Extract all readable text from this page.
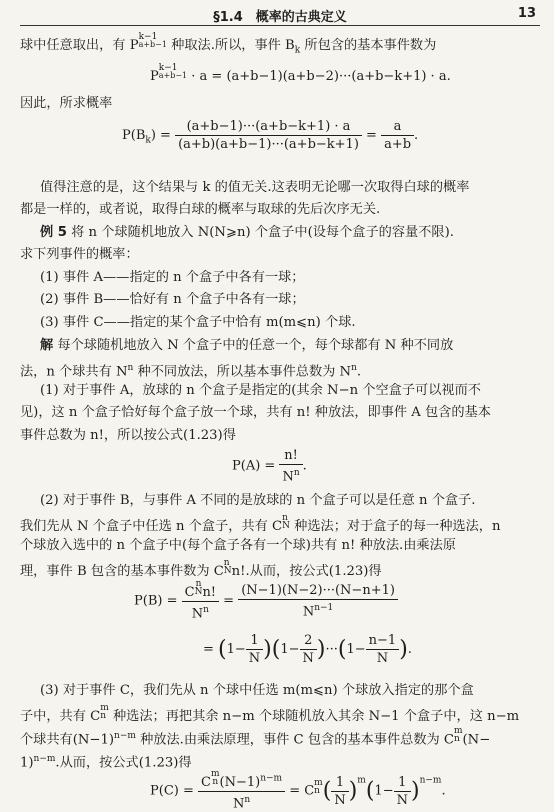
§1.4　概率的古典定义	13
球中任意取出，有 P
k−1
a+b−1 种取法.所以，事件 $B_k$ 所包含的基本事件数为
P
k−1
a+b−1 · a = (a+b−1)(a+b−2)···(a+b−k+1) · a.
因此，所求概率
$P(B_k) = \frac{(a+b-1)\cdot\cdot\cdot(a+b-k+1) \cdot a}{(a+b)(a+b-1)\cdot\cdot\cdot(a+b-k+1)} = \frac{a}{a+b}$ .
值得注意的是，这个结果与 k 的值无关.这表明无论哪一次取得白球的概率
都是一样的，或者说，取得白球的概率与取球的先后次序无关.
例 5 将 n 个球随机地放入 N(N⩾n) 个盒子中(设每个盒子的容量不限).
求下列事件的概率：
(1) 事件 A——指定的 n 个盒子中各有一球；
(2) 事件 B——恰好有 n 个盒子中各有一球；
(3) 事件 C——指定的某个盒子中恰有 m(m⩽n) 个球.
解 每个球随机地放入 N 个盒子中的任意一个，每个球都有 N 种不同放
法，n 个球共有 $N^n$ 种不同放法，所以基本事件总数为 $N^n$.
(1) 对于事件 A，放球的 n 个盒子是指定的(其余 N−n 个空盒子可以视而不
见)，这 n 个盒子恰好每个盒子放一个球，共有 n! 种放法，即事件 A 包含的基本
事件总数为 n!，所以按公式(1.23)得
$P(A) = \frac{n!}{N^n}$ .
(2) 对于事件 B，与事件 A 不同的是放球的 n 个盒子可以是任意 n 个盒子.
我们先从 N 个盒子中任选 n 个盒子，共有 C
n
N 种选法；对于盒子的每一种选法，n
个球放入选中的 n 个盒子中(每个盒子各有一个球)共有 n! 种放法.由乘法原
理，事件 B 包含的基本事件数为 C
n
N n!.从而，按公式(1.23)得
P(B) = C
n
N n!
$N^n = \frac{(N-1)(N-2)\cdot\cdot\cdot(N-n+1)}{N^{n-1}}$
= $(1- \frac{1}{N} )(1- \frac{2}{N} )\cdot\cdot\cdot(1- \frac{n-1}{N}$ ).
(3) 对于事件 C，我们先从 n 个球中任选 m(m⩽n) 个球放入指定的那个盒
子中，共有 C
m
n 种选法；再把其余 n−m 个球随机放入其余 N−1 个盒子中，这 n−m
个球共有$(N-1)^{n-m}$ 种放法.由乘法原理，事件 C 包含的基本事件总数为 C
m
n (N−
1)$^{n-m}$.从而，按公式(1.23)得
P(C) = C
m
n $(N-1)^{n-m}$
$N^n = C$
m
n ( $\frac{1}{N} )^m(1- \frac{1}{N} )^{n-m}$.
